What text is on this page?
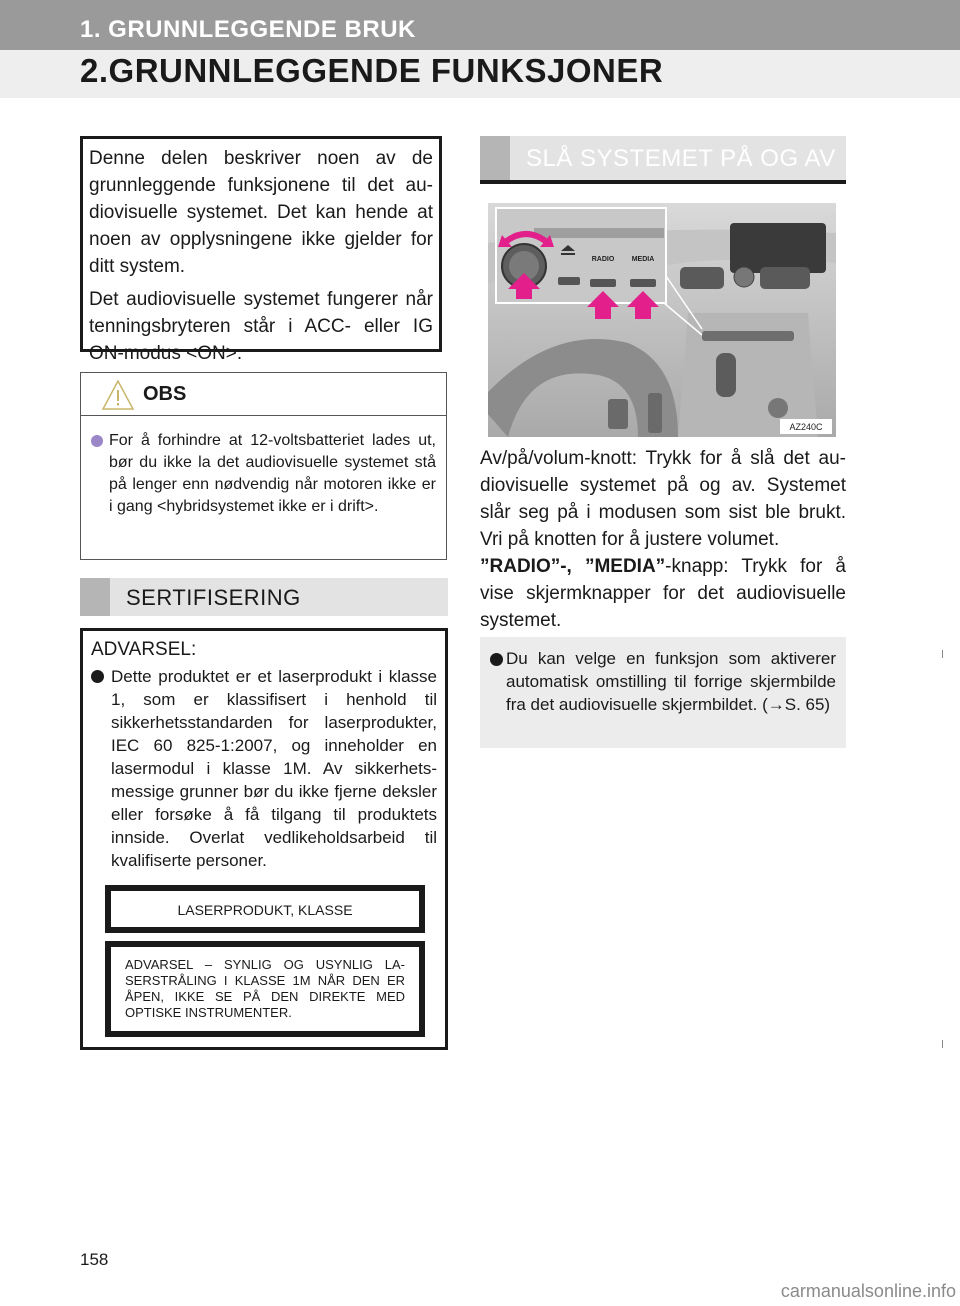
1. GRUNNLEGGENDE BRUK
2.GRUNNLEGGENDE FUNKSJONER

Denne delen beskriver noen av de grunnleggende funksjonene til det audiovisuelle systemet. Det kan hende at noen av opplysningene ikke gjelder for ditt system.

Det audiovisuelle systemet fungerer når tenningsbryteren står i ACC- eller IG ON-modus <ON>.

OBS
For å forhindre at 12-voltsbatteriet lades ut, bør du ikke la det audiovisuelle systemet stå på lenger enn nødvendig når motoren ikke er i gang <hybridsystemet ikke er i drift>.
SERTIFISERING
ADVARSEL:
Dette produktet er et laserprodukt i klasse 1, som er klassifisert i henhold til sikkerhetsstandarden for laserprodukter, IEC 60 825-1:2007, og inneholder en lasermodul i klasse 1M. Av sikkerhetsmessige grunner bør du ikke fjerne deksler eller forsøke å få tilgang til produktets innside. Overlat vedlikeholdsarbeid til kvalifiserte personer.
LASERPRODUKT, KLASSE
ADVARSEL – SYNLIG OG USYNLIG LASERSTRÅLING I KLASSE 1M NÅR DEN ER ÅPEN, IKKE SE PÅ DEN DIREKTE MED OPTISKE INSTRUMENTER.
SLÅ SYSTEMET PÅ OG AV
RADIO MEDIA
AZ240C

Av/på/volum-knott: Trykk for å slå det audiovisuelle systemet på og av. Systemet slår seg på i modusen som sist ble brukt. Vri på knotten for å justere volumet.

”RADIO”-, ”MEDIA”-knapp: Trykk for å vise skjermknapper for det audiovisuelle systemet.

Du kan velge en funksjon som aktiverer automatisk omstilling til forrige skjermbilde fra det audiovisuelle skjermbildet. (→S. 65)
158
carmanualsonline.info
